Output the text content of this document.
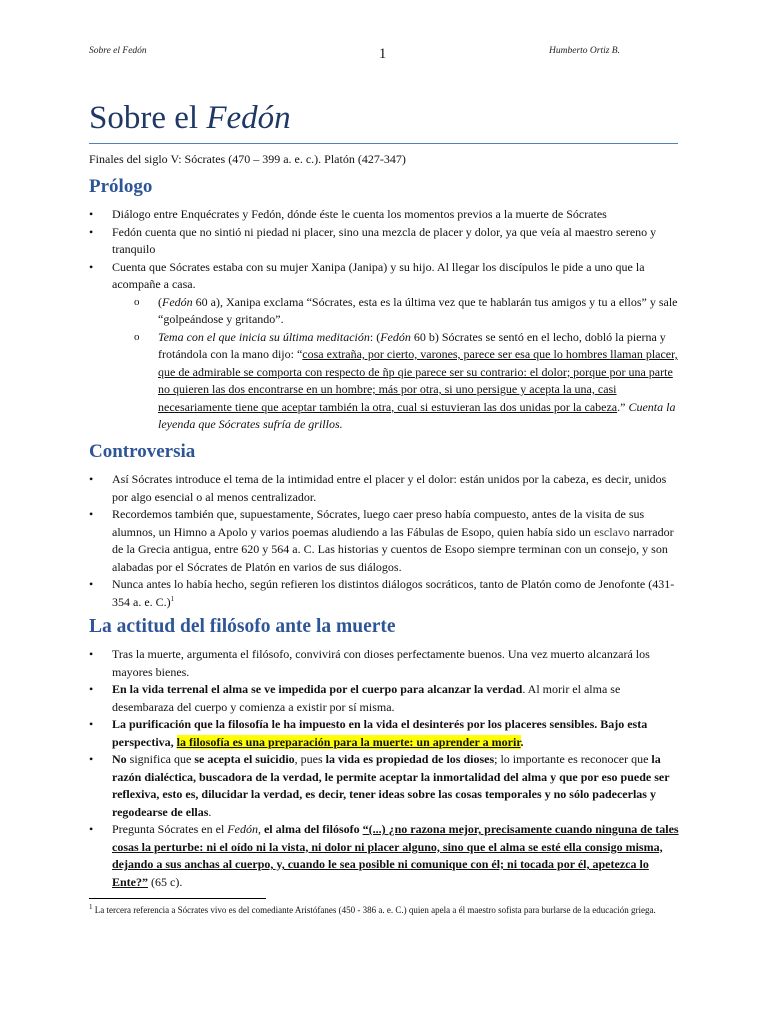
Sobre el Fedón	1	Humberto Ortiz B.
Sobre el Fedón
Finales del siglo V: Sócrates (470 – 399 a. e. c.). Platón (427-347)
Prólogo
• Diálogo entre Enquécrates y Fedón, dónde éste le cuenta los momentos previos a la muerte de Sócrates
• Fedón cuenta que no sintió ni piedad ni placer, sino una mezcla de placer y dolor, ya que veía al maestro sereno y tranquilo
• Cuenta que Sócrates estaba con su mujer Xanipa (Janipa) y su hijo. Al llegar los discípulos le pide a uno que la acompañe a casa.
o (Fedón 60 a), Xanipa exclama “Sócrates, esta es la última vez que te hablarán tus amigos y tu a ellos” y sale “golpeándose y gritando”.
o Tema con el que inicia su última meditación: (Fedón 60 b) Sócrates se sentó en el lecho, dobló la pierna y frotándola con la mano dijo: “cosa extraña, por cierto, varones, parece ser esa que lo hombres llaman placer, que de admirable se comporta con respecto de ñp qie parece ser su contrario: el dolor; porque por una parte no quieren las dos encontrarse en un hombre; más por otra, si uno persigue y acepta la una, casi necesariamente tiene que aceptar también la otra, cual si estuvieran las dos unidas por la cabeza.” Cuenta la leyenda que Sócrates sufría de grillos.
Controversia
• Así Sócrates introduce el tema de la intimidad entre el placer y el dolor: están unidos por la cabeza, es decir, unidos por algo esencial o al menos centralizador.
• Recordemos también que, supuestamente, Sócrates, luego caer preso había compuesto, antes de la visita de sus alumnos, un Himno a Apolo y varios poemas aludiendo a las Fábulas de Esopo, quien había sido un esclavo narrador de la Grecia antigua, entre 620 y 564 a. C. Las historias y cuentos de Esopo siempre terminan con un consejo, y son alabadas por el Sócrates de Platón en varios de sus diálogos.
• Nunca antes lo había hecho, según refieren los distintos diálogos socráticos, tanto de Platón como de Jenofonte (431-354 a. e. C.)$^1$
La actitud del filósofo ante la muerte
• Tras la muerte, argumenta el filósofo, convivirá con dioses perfectamente buenos. Una vez muerto alcanzará los mayores bienes.
• En la vida terrenal el alma se ve impedida por el cuerpo para alcanzar la verdad. Al morir el alma se desembaraza del cuerpo y comienza a existir por sí misma.
• La purificación que la filosofía le ha impuesto en la vida el desinterés por los placeres sensibles. Bajo esta perspectiva, la filosofía es una preparación para la muerte: un aprender a morir.
• No significa que se acepta el suicidio, pues la vida es propiedad de los dioses; lo importante es reconocer que la razón dialéctica, buscadora de la verdad, le permite aceptar la inmortalidad del alma y que por eso puede ser reflexiva, esto es, dilucidar la verdad, es decir, tener ideas sobre las cosas temporales y no sólo padecerlas y regodearse de ellas.
• Pregunta Sócrates en el Fedón, el alma del filósofo “(...) ¿no razona mejor, precisamente cuando ninguna de tales cosas la perturbe: ni el oído ni la vista, ni dolor ni placer alguno, sino que el alma se esté ella consigo misma, dejando a sus anchas al cuerpo, y, cuando le sea posible ni comunique con él; ni tocada por él, apetezca lo Ente?” (65 c).
$^1$ La tercera referencia a Sócrates vivo es del comediante Aristófanes (450 - 386 a. e. C.) quien apela a él maestro sofista para burlarse de la educación griega.
